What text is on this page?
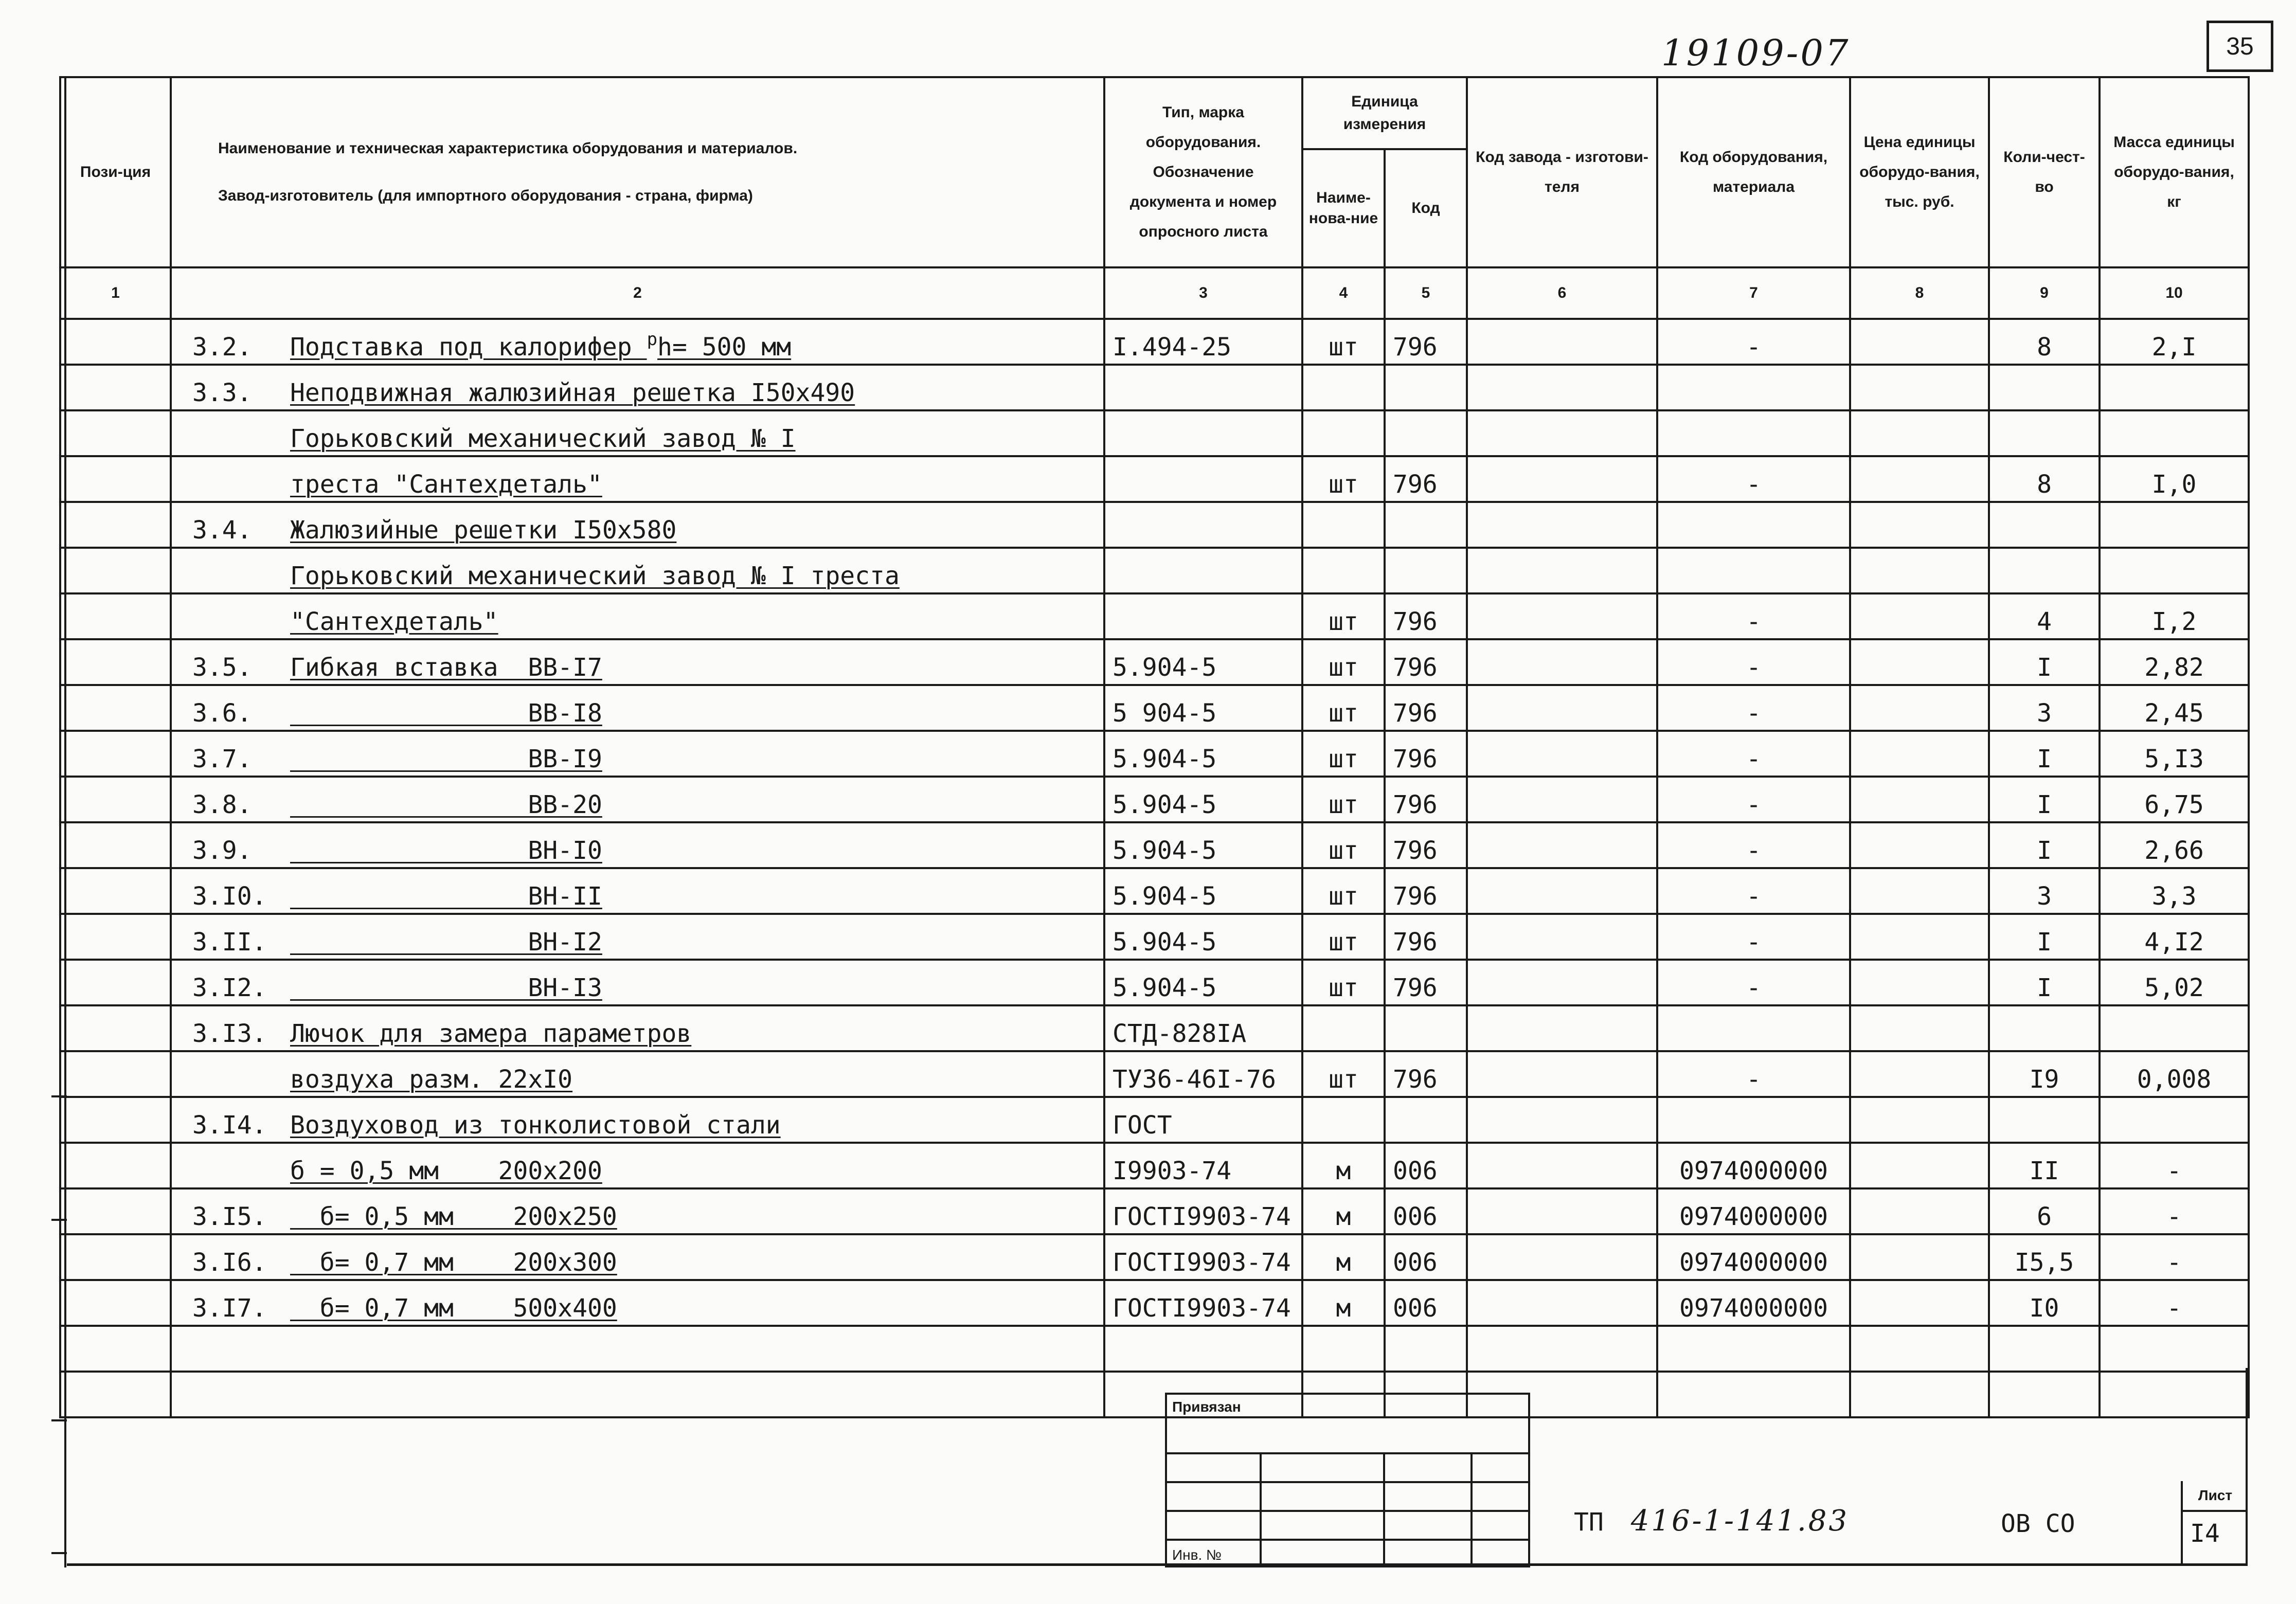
19109-07	35
Пози-ция	Наименование и техническая характеристика оборудования и материалов.
Завод-изготовитель (для импортного оборудования - страна, фирма)	Тип, марка оборудования. Обозначение документа и номер опросного листа	Единица измерения		Код завода - изготови-теля	Код оборудования, материала	Цена единицы оборудо-вания, тыс. руб.	Коли-чест-во	Масса единицы оборудо-вания, кг
			Наиме-нова-ние	Код					
1	2	3	4	5	6	7	8	9	10
	3.2. Подставка под калорифер $^р$h= 500 мм	I.494-25	шт	796		-		8	2,I
	3.3. Неподвижная жалюзийная решетка I50x490								
	Горьковский механический завод № I								
	треста "Сантехдеталь"		шт	796		-		8	I,0
	3.4. Жалюзийные решетки I50x580								
	Горьковский механический завод № I треста								
	"Сантехдеталь"		шт	796		-		4	I,2
	3.5. Гибкая вставка  ВВ-I7	5.904-5	шт	796		-		I	2,82
	3.6.                ВВ-I8	5 904-5	шт	796		-		3	2,45
	3.7.                ВВ-I9	5.904-5	шт	796		-		I	5,I3
	3.8.                ВВ-20	5.904-5	шт	796		-		I	6,75
	3.9.                ВН-I0	5.904-5	шт	796		-		I	2,66
	3.I0.                ВН-II	5.904-5	шт	796		-		3	3,3
	3.II.                ВН-I2	5.904-5	шт	796		-		I	4,I2
	3.I2.                ВН-I3	5.904-5	шт	796		-		I	5,02
	3.I3. Лючок для замера параметров	СТД-828IА							
	воздуха разм. 22xI0	ТУ36-46I-76	шт	796		-		I9	0,008
	3.I4. Воздуховод из тонколистовой стали	ГОСТ							
	б = 0,5 мм    200x200	I9903-74	м	006		0974000000		II	-
	3.I5.  б= 0,5 мм    200x250	ГОСТI9903-74	м	006		0974000000		6	-
	3.I6.  б= 0,7 мм    200x300	ГОСТI9903-74	м	006		0974000000		I5,5	-
	3.I7.  б= 0,7 мм    500x400	ГОСТI9903-74	м	006		0974000000		I0	-

Привязан
Инв. №
ТП 416-1-141.83	ОВ СО
Лист
I4
